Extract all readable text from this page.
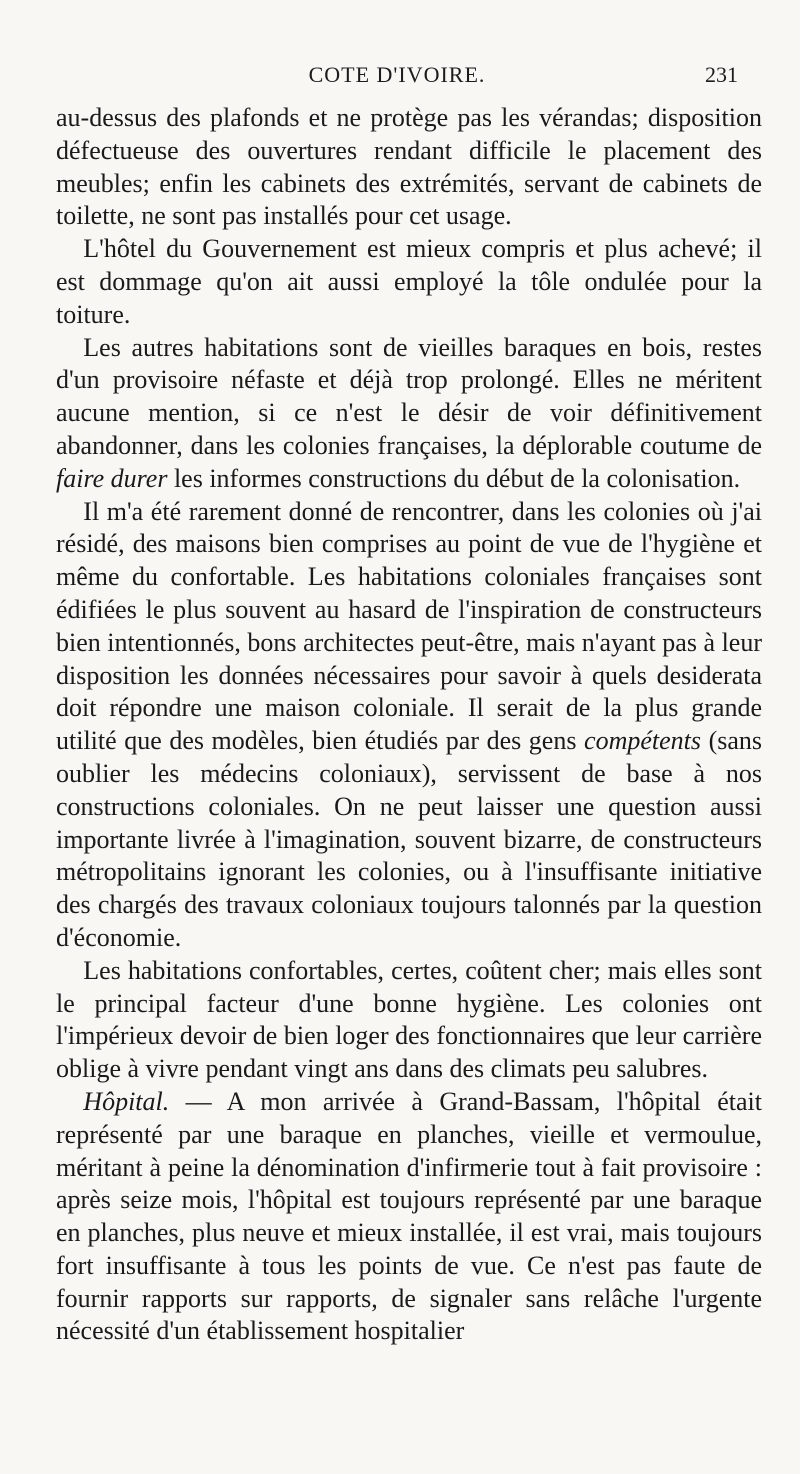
COTE D'IVOIRE.	231

au-dessus des plafonds et ne protège pas les vérandas; disposition défectueuse des ouvertures rendant difficile le placement des meubles; enfin les cabinets des extrémités, servant de cabinets de toilette, ne sont pas installés pour cet usage.

L'hôtel du Gouvernement est mieux compris et plus achevé; il est dommage qu'on ait aussi employé la tôle ondulée pour la toiture.

Les autres habitations sont de vieilles baraques en bois, restes d'un provisoire néfaste et déjà trop prolongé. Elles ne méritent aucune mention, si ce n'est le désir de voir définitivement abandonner, dans les colonies françaises, la déplorable coutume de faire durer les informes constructions du début de la colonisation.

Il m'a été rarement donné de rencontrer, dans les colonies où j'ai résidé, des maisons bien comprises au point de vue de l'hygiène et même du confortable. Les habitations coloniales françaises sont édifiées le plus souvent au hasard de l'inspiration de constructeurs bien intentionnés, bons architectes peut-être, mais n'ayant pas à leur disposition les données nécessaires pour savoir à quels desiderata doit répondre une maison coloniale. Il serait de la plus grande utilité que des modèles, bien étudiés par des gens compétents (sans oublier les médecins coloniaux), servissent de base à nos constructions coloniales. On ne peut laisser une question aussi importante livrée à l'imagination, souvent bizarre, de constructeurs métropolitains ignorant les colonies, ou à l'insuffisante initiative des chargés des travaux coloniaux toujours talonnés par la question d'économie.

Les habitations confortables, certes, coûtent cher; mais elles sont le principal facteur d'une bonne hygiène. Les colonies ont l'impérieux devoir de bien loger des fonctionnaires que leur carrière oblige à vivre pendant vingt ans dans des climats peu salubres.

Hôpital. — A mon arrivée à Grand-Bassam, l'hôpital était représenté par une baraque en planches, vieille et vermoulue, méritant à peine la dénomination d'infirmerie tout à fait provisoire : après seize mois, l'hôpital est toujours représenté par une baraque en planches, plus neuve et mieux installée, il est vrai, mais toujours fort insuffisante à tous les points de vue. Ce n'est pas faute de fournir rapports sur rapports, de signaler sans relâche l'urgente nécessité d'un établissement hospitalier
